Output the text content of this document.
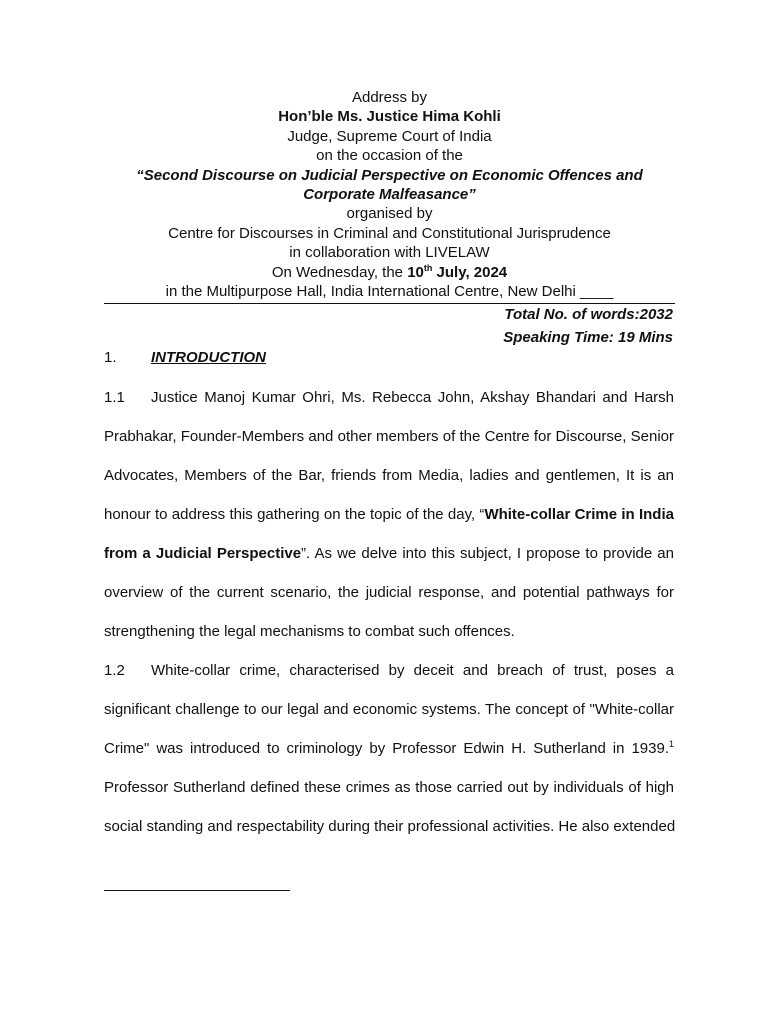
Address by
Hon’ble Ms. Justice Hima Kohli
Judge, Supreme Court of India
on the occasion of the
“Second Discourse on Judicial Perspective on Economic Offences and
Corporate Malfeasance”
organised by
Centre for Discourses in Criminal and Constitutional Jurisprudence
in collaboration with LIVELAW
On Wednesday, the 10th July, 2024
in the Multipurpose Hall, India International Centre, New Delhi ____
Total No. of words:2032
Speaking Time: 19 Mins
1. INTRODUCTION
1.1 Justice Manoj Kumar Ohri, Ms. Rebecca John, Akshay Bhandari and Harsh
Prabhakar, Founder-Members and other members of the Centre for Discourse, Senior
Advocates, Members of the Bar, friends from Media, ladies and gentlemen, It is an
honour to address this gathering on the topic of the day, “White-collar Crime in India
from a Judicial Perspective”. As we delve into this subject, I propose to provide an
overview of the current scenario, the judicial response, and potential pathways for
strengthening the legal mechanisms to combat such offences.
1.2 White-collar crime, characterised by deceit and breach of trust, poses a
significant challenge to our legal and economic systems. The concept of "White-collar
Crime" was introduced to criminology by Professor Edwin H. Sutherland in 1939.$^1$
Professor Sutherland defined these crimes as those carried out by individuals of high
social standing and respectability during their professional activities. He also extended
